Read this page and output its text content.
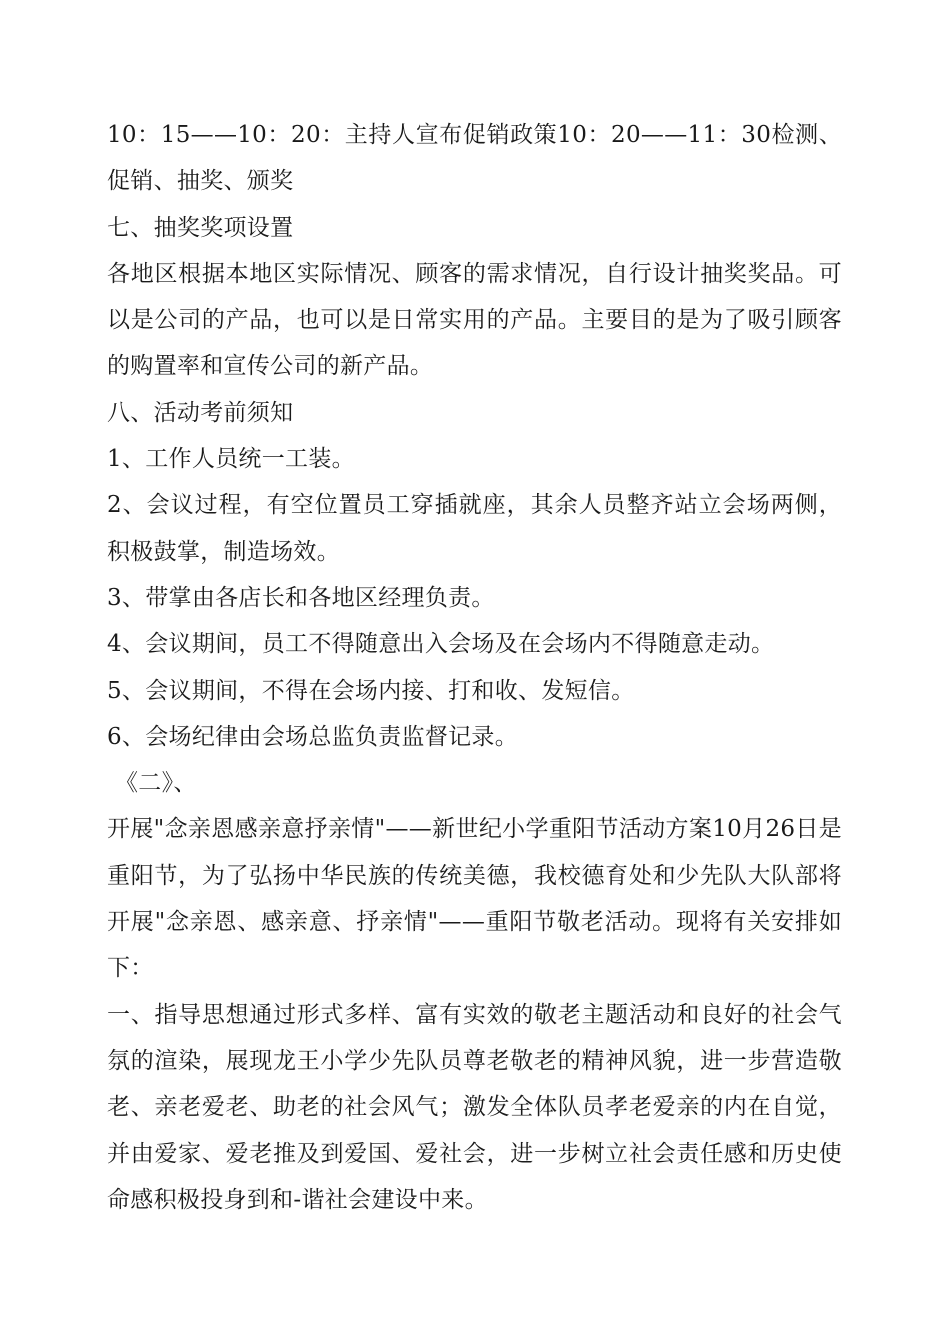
10：15——10：20：主持人宣布促销政策10：20——11：30检测、促销、抽奖、颁奖

七、抽奖奖项设置

各地区根据本地区实际情况、顾客的需求情况，自行设计抽奖奖品。可以是公司的产品，也可以是日常实用的产品。主要目的是为了吸引顾客的购置率和宣传公司的新产品。

八、活动考前须知

1、工作人员统一工装。

2、会议过程，有空位置员工穿插就座，其余人员整齐站立会场两侧，积极鼓掌，制造场效。

3、带掌由各店长和各地区经理负责。

4、会议期间，员工不得随意出入会场及在会场内不得随意走动。

5、会议期间，不得在会场内接、打和收、发短信。

6、会场纪律由会场总监负责监督记录。

《二》、

开展"念亲恩感亲意抒亲情"——新世纪小学重阳节活动方案10月26日是重阳节，为了弘扬中华民族的传统美德，我校德育处和少先队大队部将开展"念亲恩、感亲意、抒亲情"——重阳节敬老活动。现将有关安排如下：

一、指导思想通过形式多样、富有实效的敬老主题活动和良好的社会气氛的渲染，展现龙王小学少先队员尊老敬老的精神风貌，进一步营造敬老、亲老爱老、助老的社会风气；激发全体队员孝老爱亲的内在自觉，并由爱家、爱老推及到爱国、爱社会，进一步树立社会责任感和历史使命感积极投身到和-谐社会建设中来。
